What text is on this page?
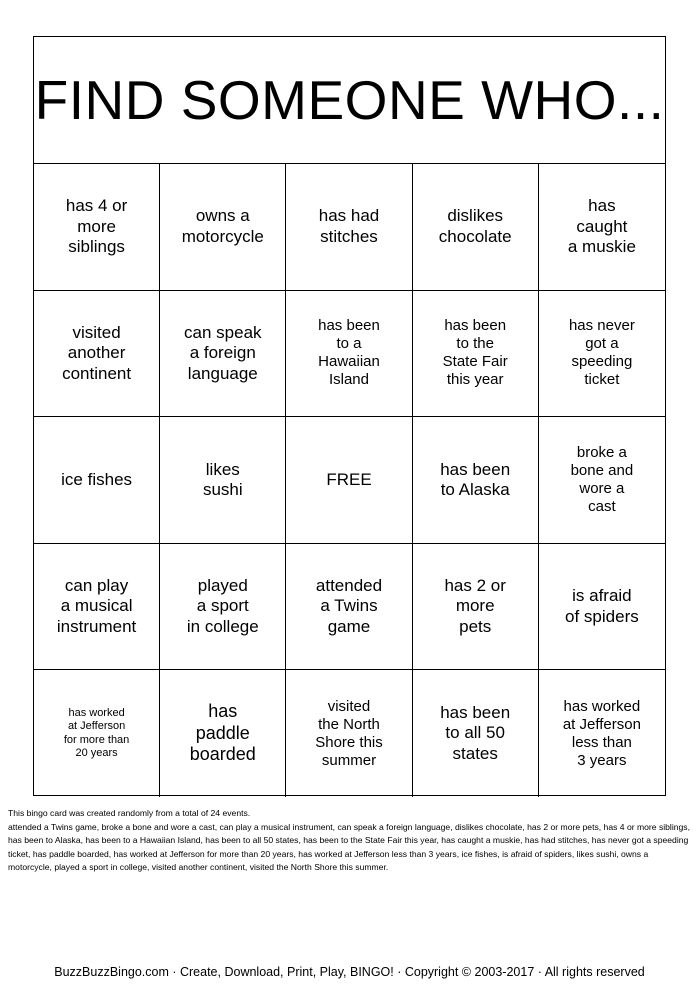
FIND SOMEONE WHO...
has 4 or
more
siblings
owns a
motorcycle
has had
stitches
dislikes
chocolate
has
caught
a muskie
visited
another
continent
can speak
a foreign
language
has been
to a
Hawaiian
Island
has been
to the
State Fair
this year
has never
got a
speeding
ticket
ice fishes
likes
sushi
FREE
has been
to Alaska
broke a
bone and
wore a
cast
can play
a musical
instrument
played
a sport
in college
attended
a Twins
game
has 2 or
more
pets
is afraid
of spiders
has worked
at Jefferson
for more than
20 years
has
paddle
boarded
visited
the North
Shore this
summer
has been
to all 50
states
has worked
at Jefferson
less than
3 years
This bingo card was created randomly from a total of 24 events.
attended a Twins game, broke a bone and wore a cast, can play a musical instrument, can speak a foreign language, dislikes chocolate, has 2 or more pets, has 4 or more siblings, has been to Alaska, has been to a Hawaiian Island, has been to all 50 states, has been to the State Fair this year, has caught a muskie, has had stitches, has never got a speeding ticket, has paddle boarded, has worked at Jefferson for more than 20 years, has worked at Jefferson less than 3 years, ice fishes, is afraid of spiders, likes sushi, owns a motorcycle, played a sport in college, visited another continent, visited the North Shore this summer.
BuzzBuzzBingo.com · Create, Download, Print, Play, BINGO! · Copyright © 2003-2017 · All rights reserved
